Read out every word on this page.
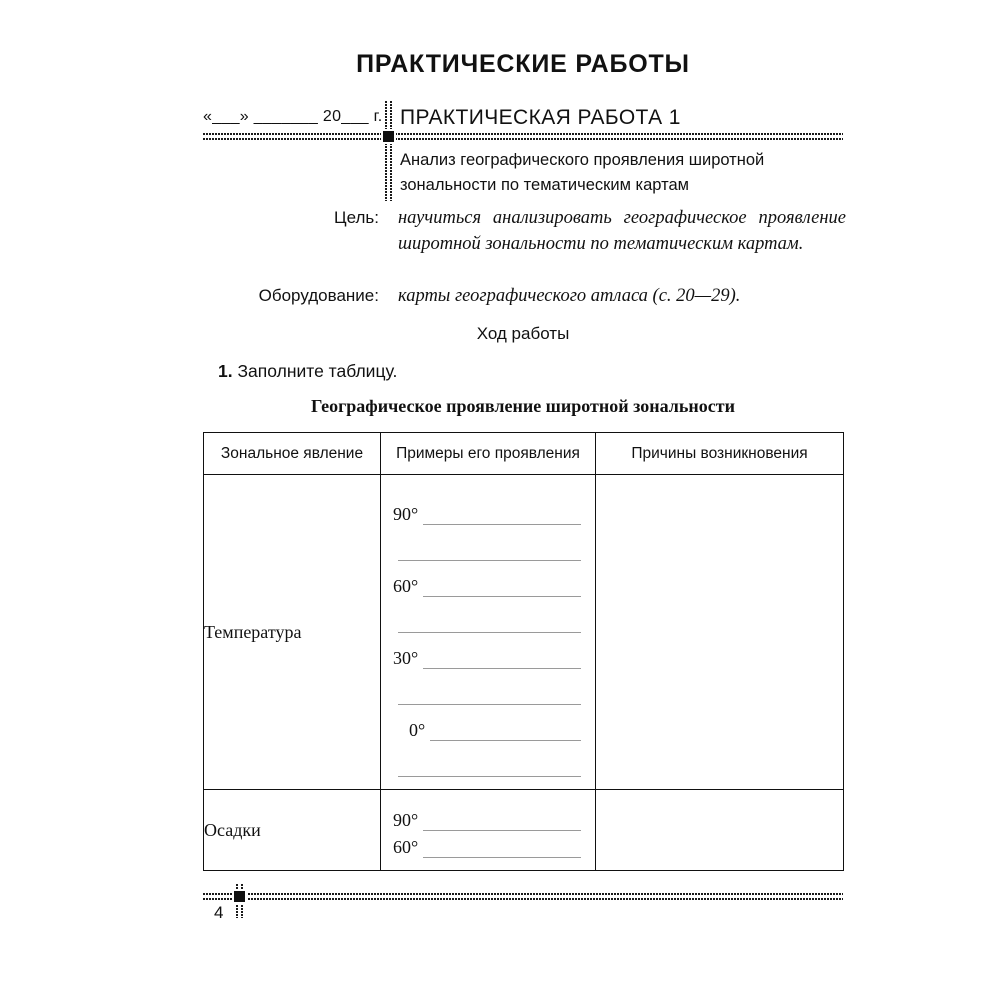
ПРАКТИЧЕСКИЕ РАБОТЫ
«___» _______ 20___ г. ПРАКТИЧЕСКАЯ РАБОТА 1
Анализ географического проявления широтной зональности по тематическим картам
Цель: научиться анализировать географическое проявление широтной зональности по тематическим картам.
Оборудование: карты географического атласа (с. 20—29).
Ход работы
1. Заполните таблицу.
Географическое проявление широтной зональности
Зональное явление	Примеры его проявления	Причины возникновения
Температура	90°
60°
30°
0°	

Осадки	90°
60°	

4
